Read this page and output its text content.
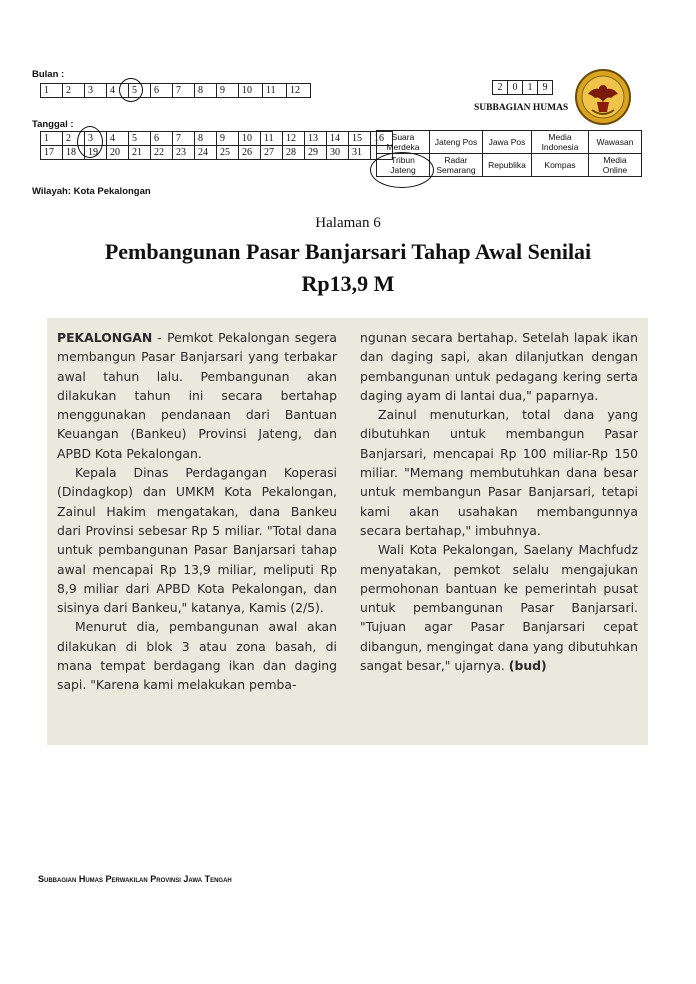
Bulan :
1	2	3	4	5	6	7	8	9	10	11	12
Tanggal :
1	2	3	4	5	6	7	8	9	10	11	12	13	14	15	16
17	18	19	20	21	22	23	24	25	26	27	28	29	30	31	
2	0	1	9
SUBBAGIAN HUMAS
Suara Merdeka	Jateng Pos	Jawa Pos	Media Indonesia	Wawasan
Tribun Jateng	Radar Semarang	Republika	Kompas	Media Online
Wilayah: Kota Pekalongan
Halaman 6
Pembangunan Pasar Banjarsari Tahap Awal Senilai
Rp13,9 M

PEKALONGAN - Pemkot Pekalongan segera membangun Pasar Banjarsari yang terbakar awal tahun lalu. Pembangunan akan dilakukan tahun ini secara bertahap menggunakan pendanaan dari Bantuan Keuangan (Bankeu) Provinsi Jateng, dan APBD Kota Pekalongan.

Kepala Dinas Perdagangan Koperasi (Dindagkop) dan UMKM Kota Pekalongan, Zainul Hakim mengatakan, dana Bankeu dari Provinsi sebesar Rp 5 miliar. "Total dana untuk pembangunan Pasar Banjarsari tahap awal mencapai Rp 13,9 miliar, meliputi Rp 8,9 miliar dari APBD Kota Pekalongan, dan sisinya dari Bankeu," katanya, Kamis (2/5).

Menurut dia, pembangunan awal akan dilakukan di blok 3 atau zona basah, di mana tempat berdagang ikan dan daging sapi. "Karena kami melakukan pemba-

ngunan secara bertahap. Setelah lapak ikan dan daging sapi, akan dilanjutkan dengan pembangunan untuk pedagang kering serta daging ayam di lantai dua," paparnya.

Zainul menuturkan, total dana yang dibutuhkan untuk membangun Pasar Banjarsari, mencapai Rp 100 miliar-Rp 150 miliar. "Memang membutuhkan dana besar untuk membangun Pasar Banjarsari, tetapi kami akan usahakan membangunnya secara bertahap," imbuhnya.

Wali Kota Pekalongan, Saelany Machfudz menyatakan, pemkot selalu mengajukan permohonan bantuan ke pemerintah pusat untuk pembangunan Pasar Banjarsari. "Tujuan agar Pasar Banjarsari cepat dibangun, mengingat dana yang dibutuhkan sangat besar," ujarnya. (bud)

Subbagian Humas Perwakilan Provinsi Jawa Tengah
